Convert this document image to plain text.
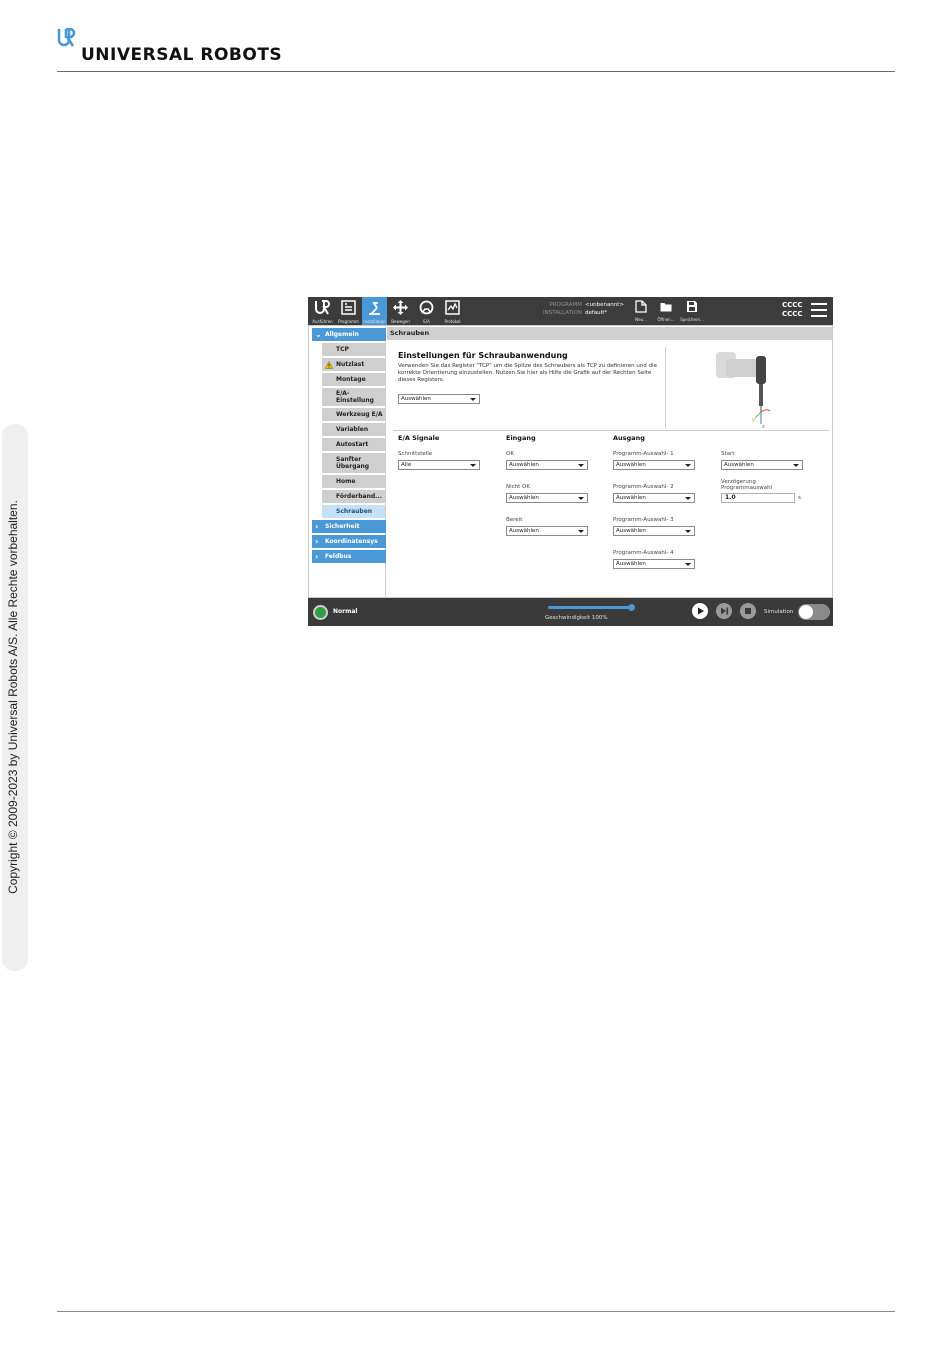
UNIVERSAL ROBOTS
Copyright © 2009-2023 by Universal Robots A/S. Alle Rechte vorbehalten.
Ausführen	Programm	Installation	Bewegen	E/A	Protokol
PROGRAMM <unbenannt>
INSTALLATION default*
Neu...	Öffnen...	Speichern...
CCCC
CCCC
⌄ Allgemein
TCP
Nutzlast
Montage
E/A-
Einstellung
Werkzeug E/A
Variablen
Autostart
Sanfter
Übergang
Home
Förderband...
Schrauben
› Sicherheit
› Koordinatensys
› Feldbus
Schrauben
Einstellungen für Schraubanwendung
Verwenden Sie das Register "TCP" um die Spitze des Schraubers als TCP zu definieren und die korrekte Orientierung einzustellen. Nutzen Sie hier als Hilfe die Grafik auf der Rechten Seite dieses Registers.
Auswählen
y
z
E/A Signale	Eingang	Ausgang
Schnittstelle
Alle
OK
Auswählen
Nicht OK
Auswählen
Bereit
Auswählen
Programm-Auswahl- 1
Auswählen
Programm-Auswahl- 2
Auswählen
Programm-Auswahl- 3
Auswählen
Programm-Auswahl- 4
Auswählen
Start
Auswählen
Verzögerung
Programmauswahl
1.0	s
Normal
Geschwindigkeit 100%
Simulation
